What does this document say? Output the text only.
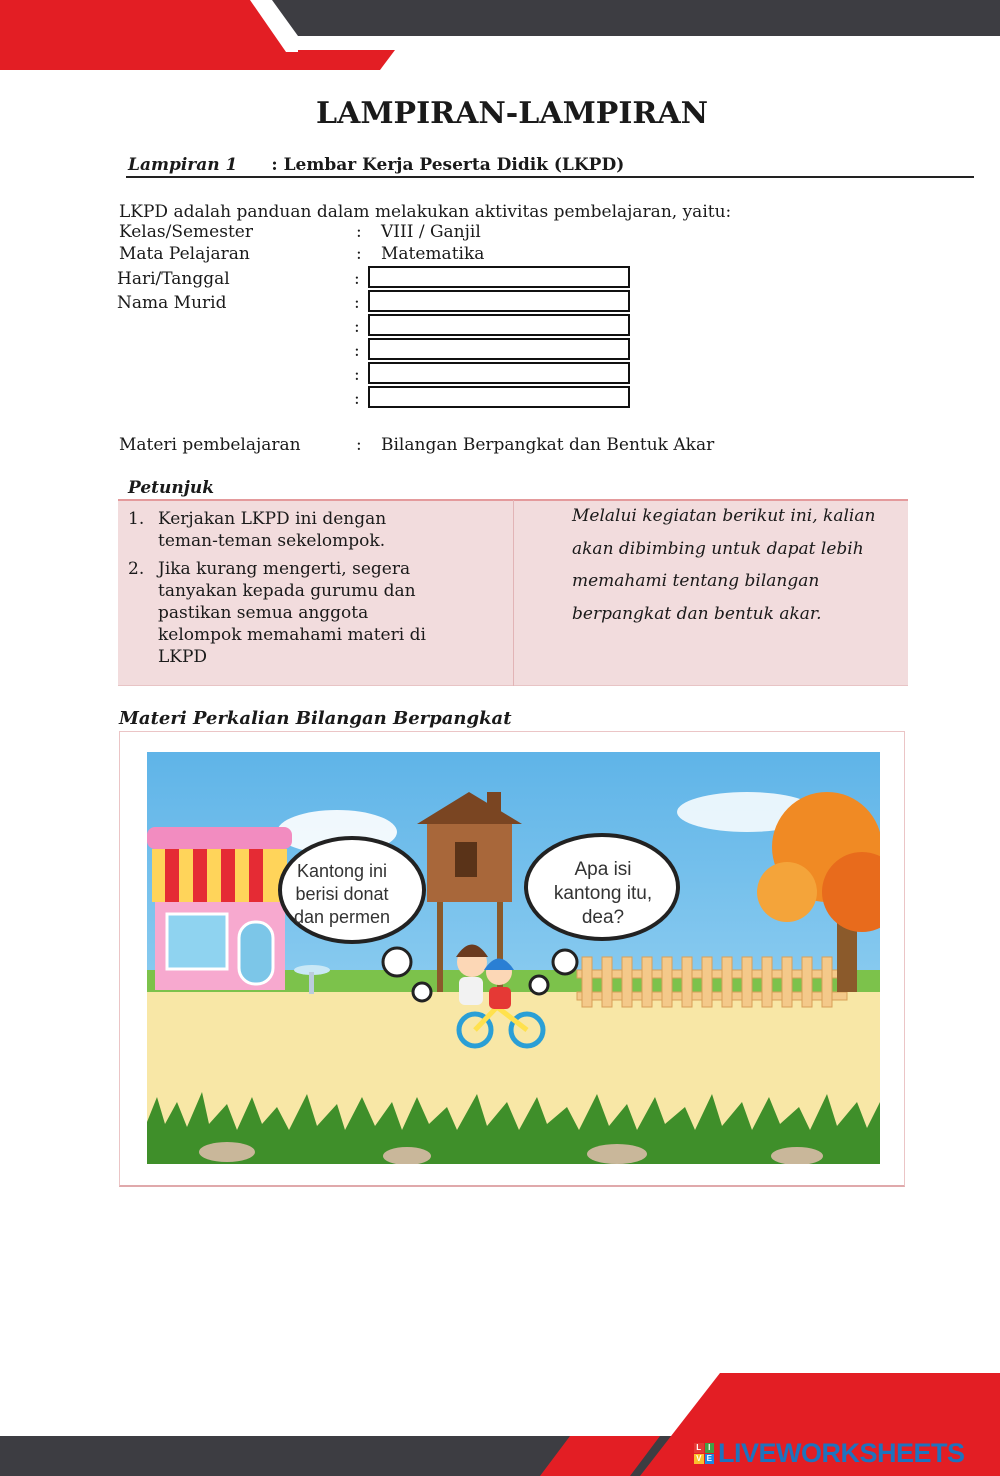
LAMPIRAN-LAMPIRAN
Lampiran 1 : Lembar Kerja Peserta Didik (LKPD)
LKPD adalah panduan dalam melakukan aktivitas pembelajaran, yaitu:
Kelas/Semester	: VIII / Ganjil
Mata Pelajaran	: Matematika
Hari/Tanggal	:
Nama Murid	:
:
:
:
:
Materi pembelajaran	: Bilangan Berpangkat dan Bentuk Akar
Petunjuk
1. Kerjakan LKPD ini dengan teman-teman sekelompok.
2. Jika kurang mengerti, segera tanyakan kepada gurumu dan pastikan semua anggota kelompok memahami materi di LKPD
Melalui kegiatan berikut ini, kalian akan dibimbing untuk dapat lebih memahami tentang bilangan berpangkat dan bentuk akar.
Materi Perkalian Bilangan Berpangkat
Kantong ini
berisi donat
dan permen
Apa isi
kantong itu,
dea?
L I
V E LIVEWORKSHEETS
